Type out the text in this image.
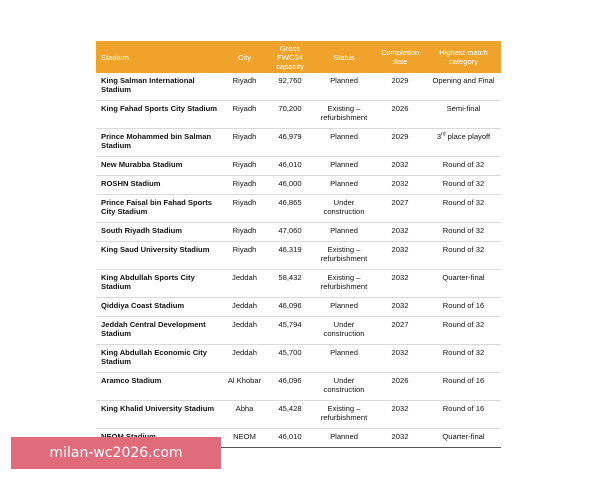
Stadium	City	Gross FWC34 capacity	Status	Completion date	Highest match category
King Salman International Stadium	Riyadh	92,760	Planned	2029	Opening and Final
King Fahad Sports City Stadium	Riyadh	70,200	Existing – refurbishment	2026	Semi-final
Prince Mohammed bin Salman Stadium	Riyadh	46,979	Planned	2029	3rd place playoff
New Murabba Stadium	Riyadh	46,010	Planned	2032	Round of 32
ROSHN Stadium	Riyadh	46,000	Planned	2032	Round of 32
Prince Faisal bin Fahad Sports City Stadium	Riyadh	46,865	Under construction	2027	Round of 32
South Riyadh Stadium	Riyadh	47,060	Planned	2032	Round of 32
King Saud University Stadium	Riyadh	46,319	Existing – refurbishment	2032	Round of 32
King Abdullah Sports City Stadium	Jeddah	58,432	Existing – refurbishment	2032	Quarter-final
Qiddiya Coast Stadium	Jeddah	46,096	Planned	2032	Round of 16
Jeddah Central Development Stadium	Jeddah	45,794	Under construction	2027	Round of 32
King Abdullah Economic City Stadium	Jeddah	45,700	Planned	2032	Round of 32
Aramco Stadium	Al Khobar	46,096	Under construction	2026	Round of 16
King Khalid University Stadium	Abha	45,428	Existing – refurbishment	2032	Round of 16
	NEOM	46,010	Planned	2032	Quarter-final
milan-wc2026.com
